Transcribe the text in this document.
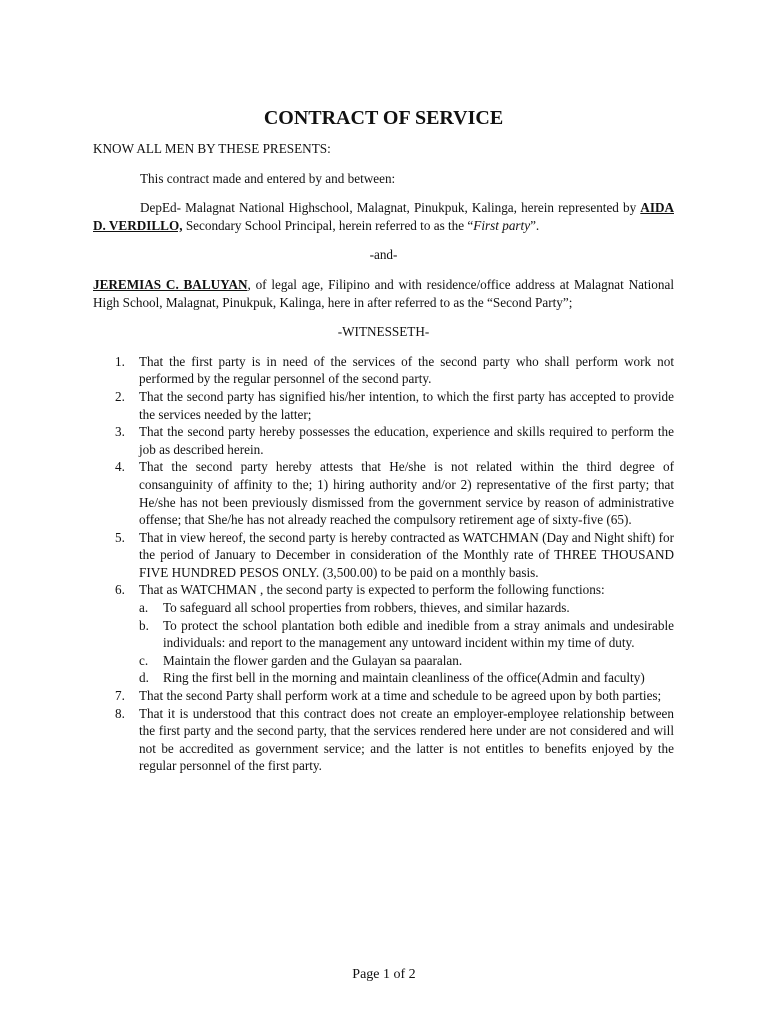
CONTRACT OF SERVICE

KNOW ALL MEN BY THESE PRESENTS:

This contract made and entered by and between:

DepEd- Malagnat National Highschool, Malagnat, Pinukpuk, Kalinga, herein represented by AIDA D. VERDILLO, Secondary School Principal, herein referred to as the “First party”.

-and-

JEREMIAS C. BALUYAN, of legal age, Filipino and with residence/office address at Malagnat National High School, Malagnat, Pinukpuk, Kalinga, here in after referred to as the “Second Party”;

-WITNESSETH-

1. That the first party is in need of the services of the second party who shall perform work not performed by the regular personnel of the second party.
2. That the second party has signified his/her intention, to which the first party has accepted to provide the services needed by the latter;
3. That the second party hereby possesses the education, experience and skills required to perform the job as described herein.
4. That the second party hereby attests that He/she is not related within the third degree of consanguinity of affinity to the; 1) hiring authority and/or 2) representative of the first party; that He/she has not been previously dismissed from the government service by reason of administrative offense; that She/he has not already reached the compulsory retirement age of sixty-five (65).
5. That in view hereof, the second party is hereby contracted as WATCHMAN (Day and Night shift) for the period of January to December in consideration of the Monthly rate of THREE THOUSAND FIVE HUNDRED PESOS ONLY. (3,500.00) to be paid on a monthly basis.
6. That as WATCHMAN , the second party is expected to perform the following functions:
a. To safeguard all school properties from robbers, thieves, and similar hazards.
b. To protect the school plantation both edible and inedible from a stray animals and undesirable individuals: and report to the management any untoward incident within my time of duty.
c. Maintain the flower garden and the Gulayan sa paaralan.
d. Ring the first bell in the morning and maintain cleanliness of the office(Admin and faculty)
7. That the second Party shall perform work at a time and schedule to be agreed upon by both parties;
8. That it is understood that this contract does not create an employer-employee relationship between the first party and the second party, that the services rendered here under are not considered and will not be accredited as government service; and the latter is not entitles to benefits enjoyed by the regular personnel of the first party.
Page 1 of 2
